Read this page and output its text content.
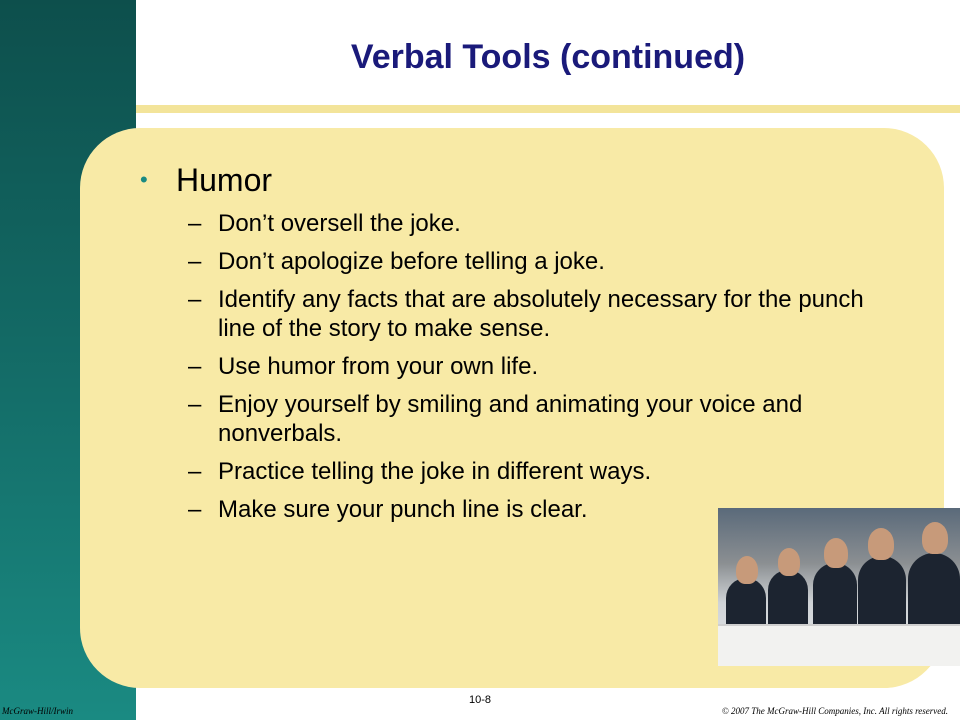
Verbal Tools (continued)
• Humor
– Don’t oversell the joke.
– Don’t apologize before telling a joke.
– Identify any facts that are absolutely necessary for the punch line of the story to make sense.
– Use humor from your own life.
– Enjoy yourself by smiling and animating your voice and nonverbals.
– Practice telling the joke in different ways.
– Make sure your punch line is clear.
McGraw-Hill/Irwin
10-8
© 2007 The McGraw-Hill Companies, Inc. All rights reserved.
